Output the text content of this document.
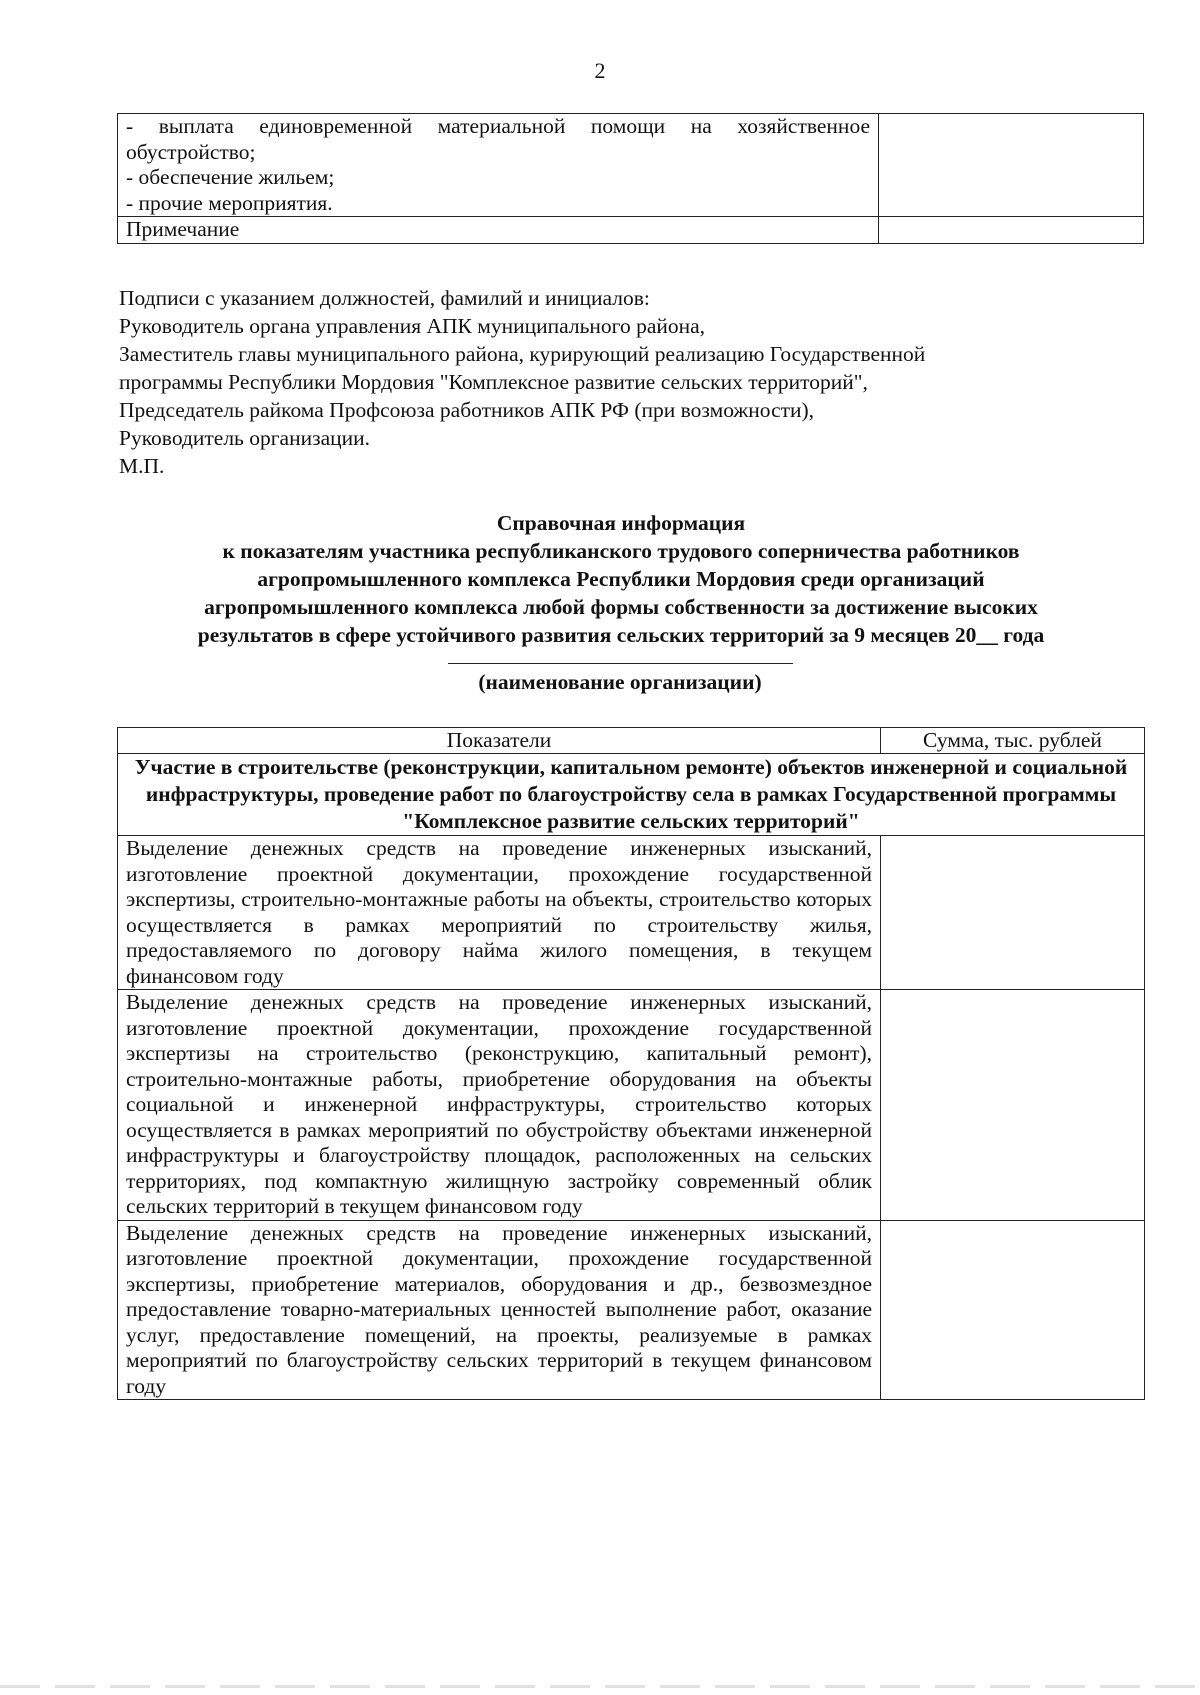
2
- выплата единовременной материальной помощи на хозяйственное обустройство;
- обеспечение жильем;
- прочие мероприятия.	

Примечание	
Подписи с указанием должностей, фамилий и инициалов:
Руководитель органа управления АПК муниципального района,
Заместитель главы муниципального района, курирующий реализацию Государственной
программы Республики Мордовия "Комплексное развитие сельских территорий",
Председатель райкома Профсоюза работников АПК РФ (при возможности),
Руководитель организации.
М.П.
Справочная информация
к показателям участника республиканского трудового соперничества работников
агропромышленного комплекса Республики Мордовия среди организаций
агропромышленного комплекса любой формы собственности за достижение высоких
результатов в сфере устойчивого развития сельских территорий за 9 месяцев 20__ года
(наименование организации)
Показатели	Сумма, тыс. рублей
Участие в строительстве (реконструкции, капитальном ремонте) объектов инженерной и социальной инфраструктуры, проведение работ по благоустройству села в рамках Государственной программы "Комплексное развитие сельских территорий"	
Выделение денежных средств на проведение инженерных изысканий, изготовление проектной документации, прохождение государственной экспертизы, строительно-монтажные работы на объекты, строительство которых осуществляется в рамках мероприятий по строительству жилья, предоставляемого по договору найма жилого помещения, в текущем финансовом году	
Выделение денежных средств на проведение инженерных изысканий, изготовление проектной документации, прохождение государственной экспертизы на строительство (реконструкцию, капитальный ремонт), строительно-монтажные работы, приобретение оборудования на объекты социальной и инженерной инфраструктуры, строительство которых осуществляется в рамках мероприятий по обустройству объектами инженерной инфраструктуры и благоустройству площадок, расположенных на сельских территориях, под компактную жилищную застройку современный облик сельских территорий в текущем финансовом году	
Выделение денежных средств на проведение инженерных изысканий, изготовление проектной документации, прохождение государственной экспертизы, приобретение материалов, оборудования и др., безвозмездное предоставление товарно-материальных ценностей выполнение работ, оказание услуг, предоставление помещений, на проекты, реализуемые в рамках мероприятий по благоустройству сельских территорий в текущем финансовом году	
